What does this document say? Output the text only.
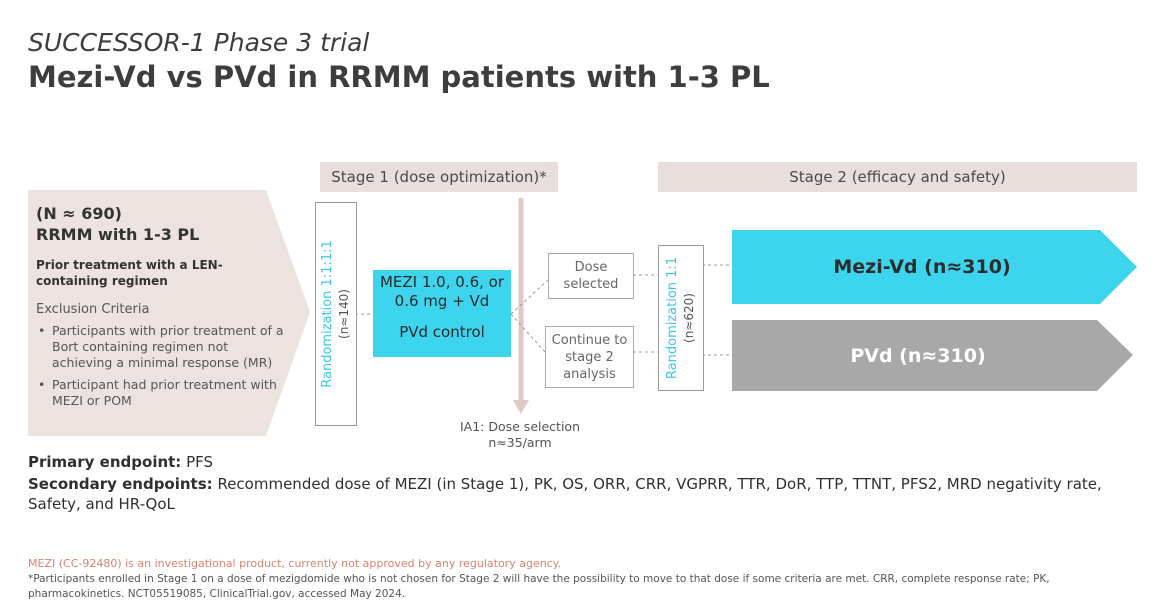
SUCCESSOR-1 Phase 3 trial
Mezi-Vd vs PVd in RRMM patients with 1-3 PL
Stage 1 (dose optimization)*	Stage 2 (efficacy and safety)
(N ≈ 690)
RRMM with 1-3 PL
Prior treatment with a LEN-containing regimen
Exclusion Criteria
• Participants with prior treatment of a Bort containing regimen not achieving a minimal response (MR)
• Participant had prior treatment with MEZI or POM
Randomization 1:1:1:1 (n≈140)
MEZI 1.0, 0.6, or 0.6 mg + Vd
PVd control
Dose selected
Continue to stage 2 analysis
IA1: Dose selection
n≈35/arm
Randomization 1:1 (n≈620)
Mezi-Vd (n≈310)
PVd (n≈310)
Primary endpoint: PFS
Secondary endpoints: Recommended dose of MEZI (in Stage 1), PK, OS, ORR, CRR, VGPRR, TTR, DoR, TTP, TTNT, PFS2, MRD negativity rate, Safety, and HR-QoL
MEZI (CC-92480) is an investigational product, currently not approved by any regulatory agency.
*Participants enrolled in Stage 1 on a dose of mezigdomide who is not chosen for Stage 2 will have the possibility to move to that dose if some criteria are met. CRR, complete response rate; PK, pharmacokinetics. NCT05519085, ClinicalTrial.gov, accessed May 2024.
